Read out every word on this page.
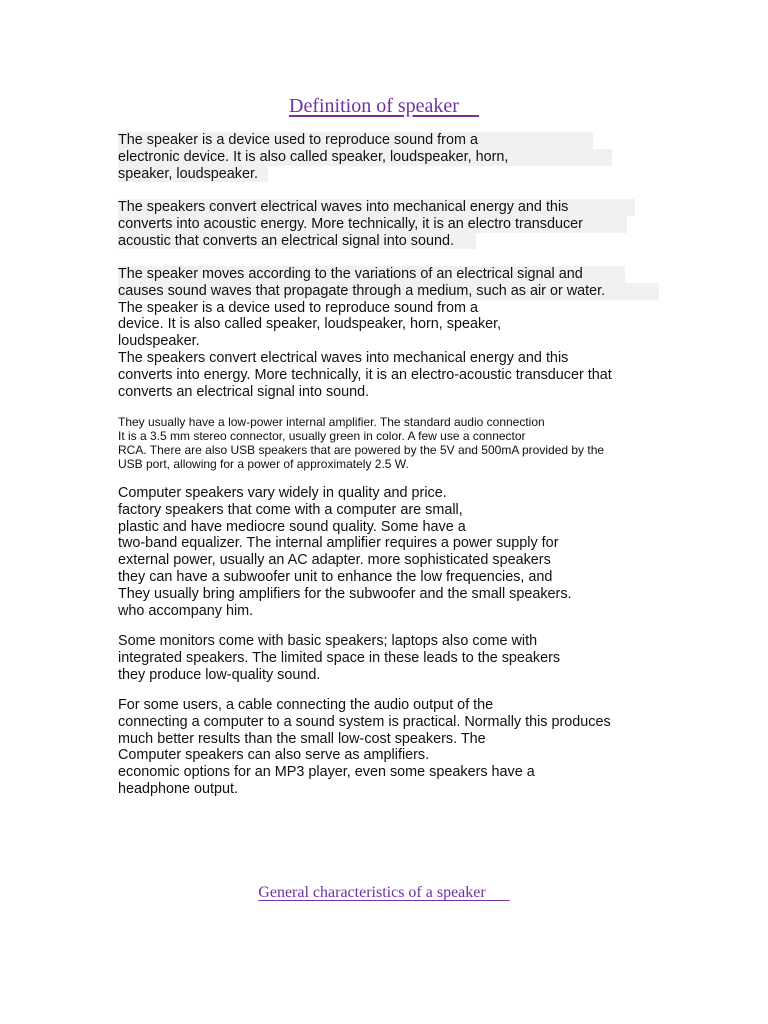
Definition of speaker
The speaker is a device used to reproduce sound from a
electronic device. It is also called speaker, loudspeaker, horn,
speaker, loudspeaker.
The speakers convert electrical waves into mechanical energy and this
converts into acoustic energy. More technically, it is an electro transducer
acoustic that converts an electrical signal into sound.
The speaker moves according to the variations of an electrical signal and
causes sound waves that propagate through a medium, such as air or water.
The speaker is a device used to reproduce sound from a
device. It is also called speaker, loudspeaker, horn, speaker,
loudspeaker.
The speakers convert electrical waves into mechanical energy and this
converts into energy. More technically, it is an electro-acoustic transducer that
converts an electrical signal into sound.
They usually have a low-power internal amplifier. The standard audio connection
It is a 3.5 mm stereo connector, usually green in color. A few use a connector
RCA. There are also USB speakers that are powered by the 5V and 500mA provided by the
USB port, allowing for a power of approximately 2.5 W.
Computer speakers vary widely in quality and price.
factory speakers that come with a computer are small,
plastic and have mediocre sound quality. Some have a
two-band equalizer. The internal amplifier requires a power supply for
external power, usually an AC adapter. more sophisticated speakers
they can have a subwoofer unit to enhance the low frequencies, and
They usually bring amplifiers for the subwoofer and the small speakers.
who accompany him.
Some monitors come with basic speakers; laptops also come with
integrated speakers. The limited space in these leads to the speakers
they produce low-quality sound.
For some users, a cable connecting the audio output of the
connecting a computer to a sound system is practical. Normally this produces
much better results than the small low-cost speakers. The
Computer speakers can also serve as amplifiers.
economic options for an MP3 player, even some speakers have a
headphone output.
General characteristics of a speaker
